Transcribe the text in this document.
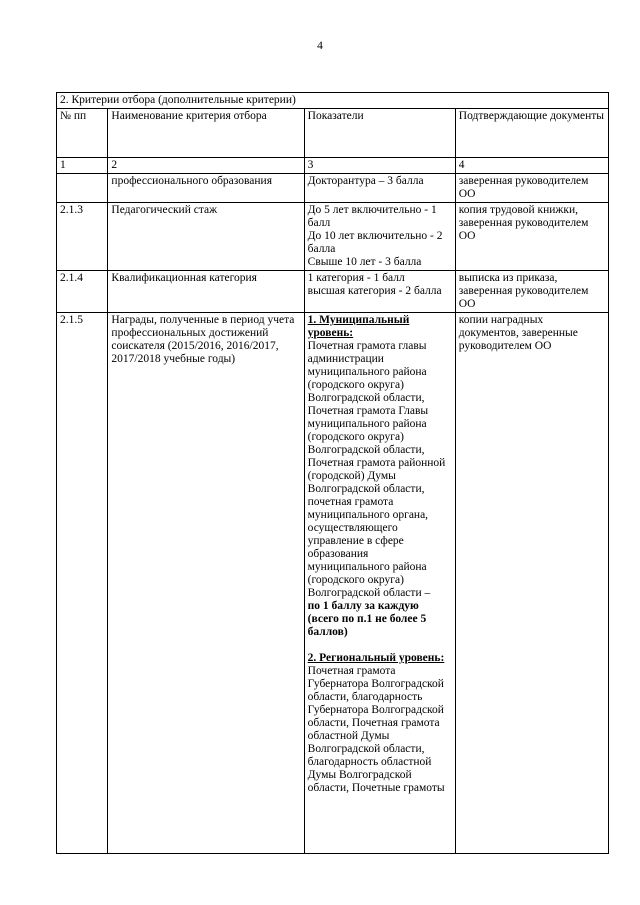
4
2. Критерии отбора (дополнительные критерии)			
№ пп	Наименование критерия отбора	Показатели	Подтверждающие документы
1	2	3	4
	профессионального образования	Докторантура – 3 балла	заверенная руководителем ОО
2.1.3	Педагогический стаж	До 5 лет включительно - 1 балл
До 10 лет включительно - 2 балла
Свыше 10 лет - 3 балла	копия трудовой книжки, заверенная руководителем ОО
2.1.4	Квалификационная категория	1 категория - 1 балл
высшая категория - 2 балла	выписка из приказа, заверенная руководителем ОО
2.1.5	Награды, полученные в период учета профессиональных достижений соискателя (2015/2016, 2016/2017, 2017/2018 учебные годы)	1. Муниципальный уровень:
Почетная грамота главы администрации муниципального района (городского округа) Волгоградской области, Почетная грамота Главы муниципального района (городского округа) Волгоградской области, Почетная грамота районной (городской) Думы Волгоградской области, почетная грамота муниципального органа, осуществляющего управление в сфере образования муниципального района (городского округа) Волгоградской области –
по 1 баллу за каждую (всего по п.1 не более 5 баллов)
2. Региональный уровень:
Почетная грамота Губернатора Волгоградской области, благодарность Губернатора Волгоградской области, Почетная грамота областной Думы Волгоградской области, благодарность областной Думы Волгоградской области, Почетные грамоты	копии наградных документов, заверенные руководителем ОО
